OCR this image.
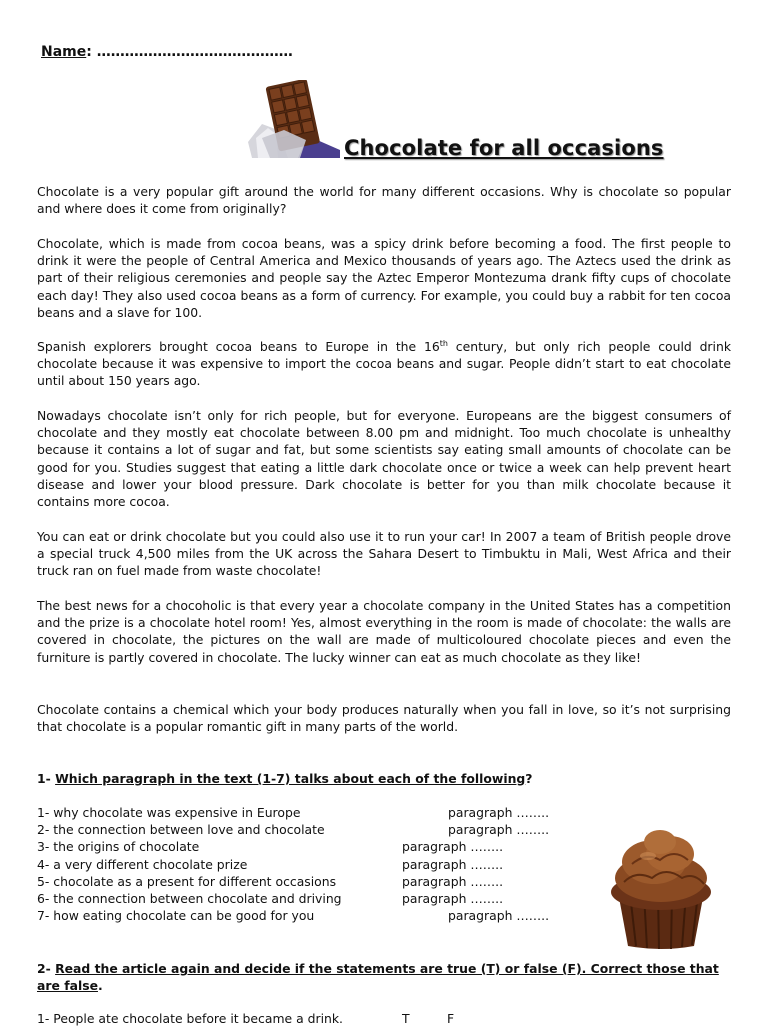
Name: ……………………………………
Chocolate for all occasions

Chocolate is a very popular gift around the world for many different occasions. Why is chocolate so popular and where does it come from originally?

Chocolate, which is made from cocoa beans, was a spicy drink before becoming a food. The first people to drink it were the people of Central America and Mexico thousands of years ago. The Aztecs used the drink as part of their religious ceremonies and people say the Aztec Emperor Montezuma drank fifty cups of chocolate each day! They also used cocoa beans as a form of currency. For example, you could buy a rabbit for ten cocoa beans and a slave for 100.

Spanish explorers brought cocoa beans to Europe in the 16th century, but only rich people could drink chocolate because it was expensive to import the cocoa beans and sugar. People didn’t start to eat chocolate until about 150 years ago.

Nowadays chocolate isn’t only for rich people, but for everyone. Europeans are the biggest consumers of chocolate and they mostly eat chocolate between 8.00 pm and midnight. Too much chocolate is unhealthy because it contains a lot of sugar and fat, but some scientists say eating small amounts of chocolate can be good for you. Studies suggest that eating a little dark chocolate once or twice a week can help prevent heart disease and lower your blood pressure. Dark chocolate is better for you than milk chocolate because it contains more cocoa.

You can eat or drink chocolate but you could also use it to run your car! In 2007 a team of British people drove a special truck 4,500 miles from the UK across the Sahara Desert to Timbuktu in Mali, West Africa and their truck ran on fuel made from waste chocolate!

The best news for a chocoholic is that every year a chocolate company in the United States has a competition and the prize is a chocolate hotel room! Yes, almost everything in the room is made of chocolate: the walls are covered in chocolate, the pictures on the wall are made of multicoloured chocolate pieces and even the furniture is partly covered in chocolate. The lucky winner can eat as much chocolate as they like!

Chocolate contains a chemical which your body produces naturally when you fall in love, so it’s not surprising that chocolate is a popular romantic gift in many parts of the world.

1- Which paragraph in the text (1-7) talks about each of the following?
1- why chocolate was expensive in Europe	paragraph ……..
2- the connection between love and chocolate	paragraph ……..
3- the origins of chocolate	paragraph ……..
4- a very different chocolate prize	paragraph ……..
5- chocolate as a present for different occasions	paragraph ……..
6- the connection between chocolate and driving	paragraph ……..
7- how eating chocolate can be good for you	paragraph ……..
2- Read the article again and decide if the statements are true (T) or false (F). Correct those that are false.
1- People ate chocolate before it became a drink.	T	F
